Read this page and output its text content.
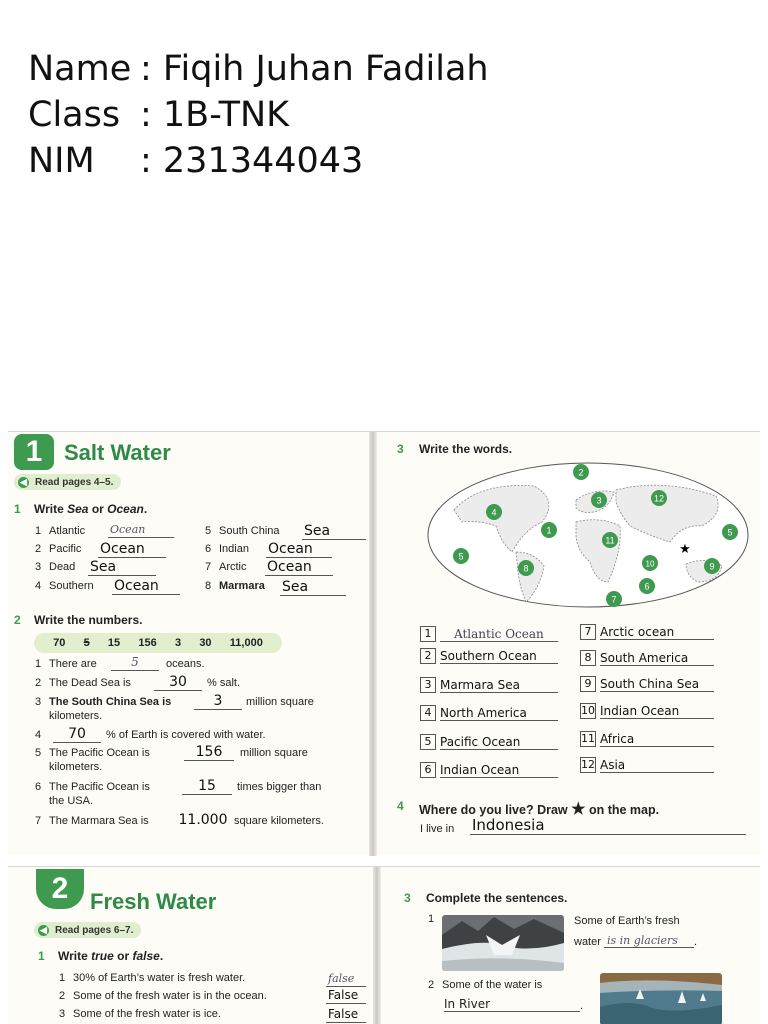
Name : Fiqih Juhan Fadilah
Class : 1B-TNK
NIM	: 231344043
1 Salt Water
◀ Read pages 4–5.
1 Write Sea or Ocean.
1 Atlantic Ocean
2 Pacific Ocean
3 Dead Sea
4 Southern Ocean
5 South China Sea
6 Indian Ocean
7 Arctic Ocean
8 Marmara Sea
2 Write the numbers.
70 5 15 156 3 30 11,000
1 There are	5	oceans.
2 The Dead Sea is	30	% salt.
3 The South China Sea is	3	million square
kilometers.
4	70	% of Earth is covered with water.
5 The Pacific Ocean is	156	million square
kilometers.
6 The Pacific Ocean is	15	times bigger than
the USA.
7 The Marmara Sea is 11.000 square kilometers.
3 Write the words.
2
3	12
4
1	5
11
5
8	10	9
6
7
★
1 Atlantic Ocean
2 Southern Ocean
3 Marmara Sea
4 North America
5 Pacific Ocean
6 Indian Ocean
7 Arctic ocean
8 South America
9 South China Sea
10 Indian Ocean
11 Africa
12 Asia
4 Where do you live? Draw ★ on the map.
I live in Indonesia
2 Fresh Water
◀ Read pages 6–7.
1 Write true or false.
1 30% of Earth’s water is fresh water.	false
2 Some of the fresh water is in the ocean.	False
3 Some of the fresh water is ice.	False
3 Complete the sentences.
1	Some of Earth’s fresh
water is in glaciers .
2 Some of the water is
In River	.
